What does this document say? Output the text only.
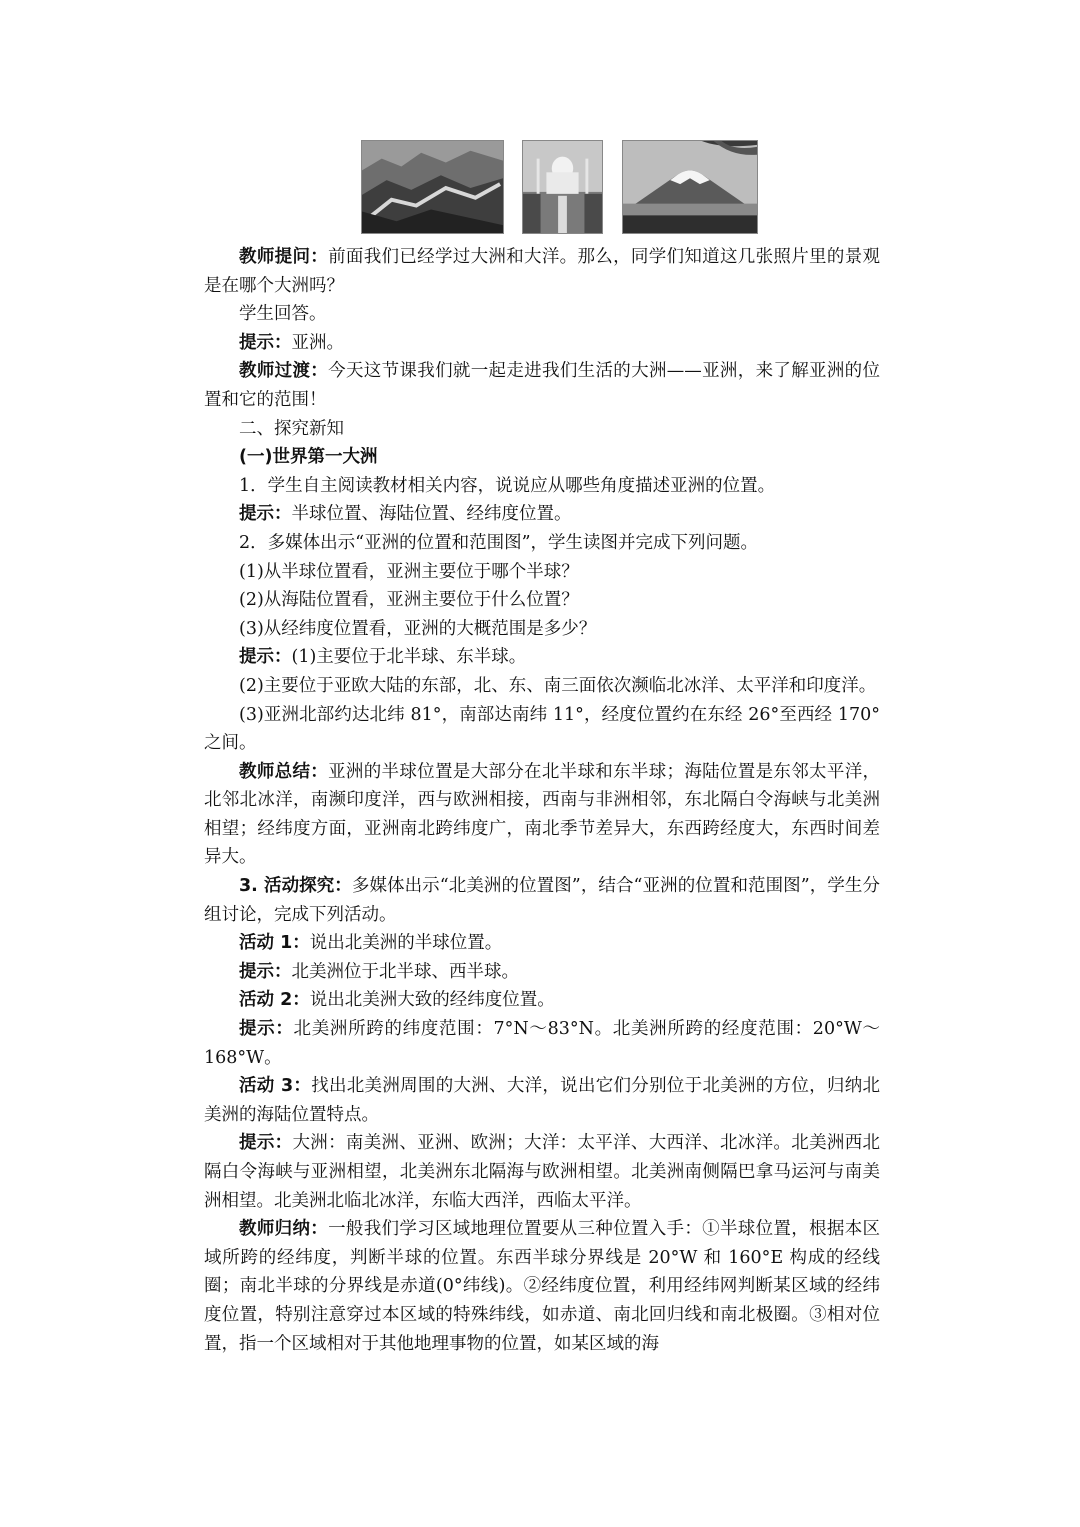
教师提问：前面我们已经学过大洲和大洋。那么，同学们知道这几张照片里的景观是在哪个大洲吗？

学生回答。

提示：亚洲。

教师过渡：今天这节课我们就一起走进我们生活的大洲——亚洲，来了解亚洲的位置和它的范围！

二、探究新知

(一)世界第一大洲

1．学生自主阅读教材相关内容，说说应从哪些角度描述亚洲的位置。

提示：半球位置、海陆位置、经纬度位置。

2．多媒体出示“亚洲的位置和范围图”，学生读图并完成下列问题。

(1)从半球位置看，亚洲主要位于哪个半球？

(2)从海陆位置看，亚洲主要位于什么位置？

(3)从经纬度位置看，亚洲的大概范围是多少？

提示：(1)主要位于北半球、东半球。

(2)主要位于亚欧大陆的东部，北、东、南三面依次濒临北冰洋、太平洋和印度洋。

(3)亚洲北部约达北纬 81°，南部达南纬 11°，经度位置约在东经 26°至西经 170°之间。

教师总结：亚洲的半球位置是大部分在北半球和东半球；海陆位置是东邻太平洋，北邻北冰洋，南濒印度洋，西与欧洲相接，西南与非洲相邻，东北隔白令海峡与北美洲相望；经纬度方面，亚洲南北跨纬度广，南北季节差异大，东西跨经度大，东西时间差异大。

3. 活动探究：多媒体出示“北美洲的位置图”，结合“亚洲的位置和范围图”，学生分组讨论，完成下列活动。

活动 1：说出北美洲的半球位置。

提示：北美洲位于北半球、西半球。

活动 2：说出北美洲大致的经纬度位置。

提示：北美洲所跨的纬度范围：7°N～83°N。北美洲所跨的经度范围：20°W～168°W。

活动 3：找出北美洲周围的大洲、大洋，说出它们分别位于北美洲的方位，归纳北美洲的海陆位置特点。

提示：大洲：南美洲、亚洲、欧洲；大洋：太平洋、大西洋、北冰洋。北美洲西北隔白令海峡与亚洲相望，北美洲东北隔海与欧洲相望。北美洲南侧隔巴拿马运河与南美洲相望。北美洲北临北冰洋，东临大西洋，西临太平洋。

教师归纳：一般我们学习区域地理位置要从三种位置入手：①半球位置，根据本区域所跨的经纬度，判断半球的位置。东西半球分界线是 20°W 和 160°E 构成的经线圈；南北半球的分界线是赤道(0°纬线)。②经纬度位置，利用经纬网判断某区域的经纬度位置，特别注意穿过本区域的特殊纬线，如赤道、南北回归线和南北极圈。③相对位置，指一个区域相对于其他地理事物的位置，如某区域的海
